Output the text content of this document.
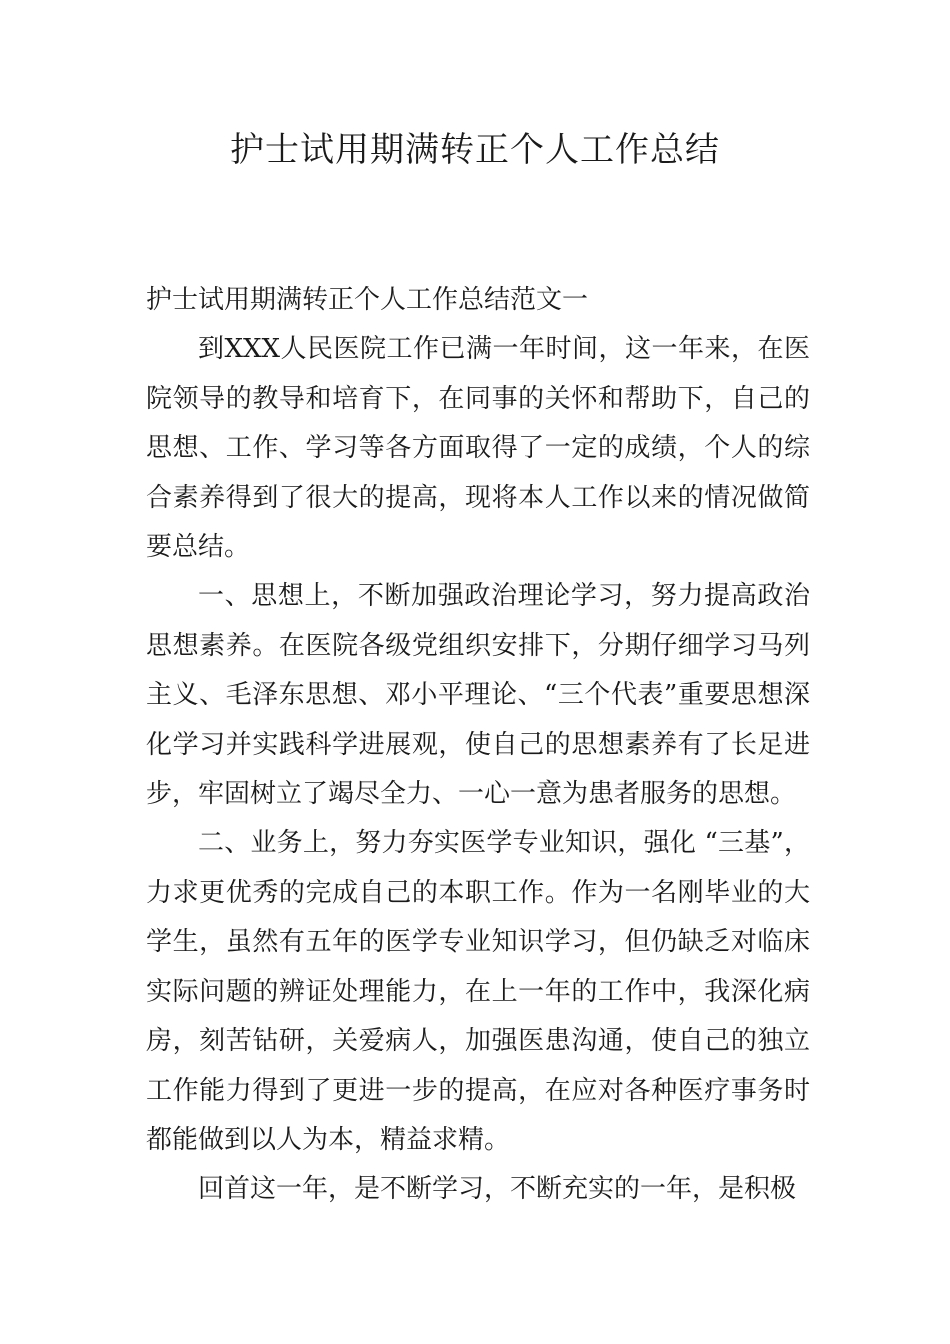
护士试用期满转正个人工作总结

护士试用期满转正个人工作总结范文一

到XXX人民医院工作已满一年时间，这一年来，在医院领导的教导和培育下，在同事的关怀和帮助下，自己的思想、工作、学习等各方面取得了一定的成绩，个人的综合素养得到了很大的提高，现将本人工作以来的情况做简要总结。

一、思想上，不断加强政治理论学习，努力提高政治思想素养。在医院各级党组织安排下，分期仔细学习马列主义、毛泽东思想、邓小平理论、“三个代表”重要思想深化学习并实践科学进展观，使自己的思想素养有了长足进步，牢固树立了竭尽全力、一心一意为患者服务的思想。

二、业务上，努力夯实医学专业知识，强化 “三基”，力求更优秀的完成自己的本职工作。作为一名刚毕业的大学生，虽然有五年的医学专业知识学习，但仍缺乏对临床实际问题的辨证处理能力，在上一年的工作中，我深化病房，刻苦钻研，关爱病人，加强医患沟通，使自己的独立工作能力得到了更进一步的提高，在应对各种医疗事务时都能做到以人为本，精益求精。

回首这一年，是不断学习，不断充实的一年，是积极
